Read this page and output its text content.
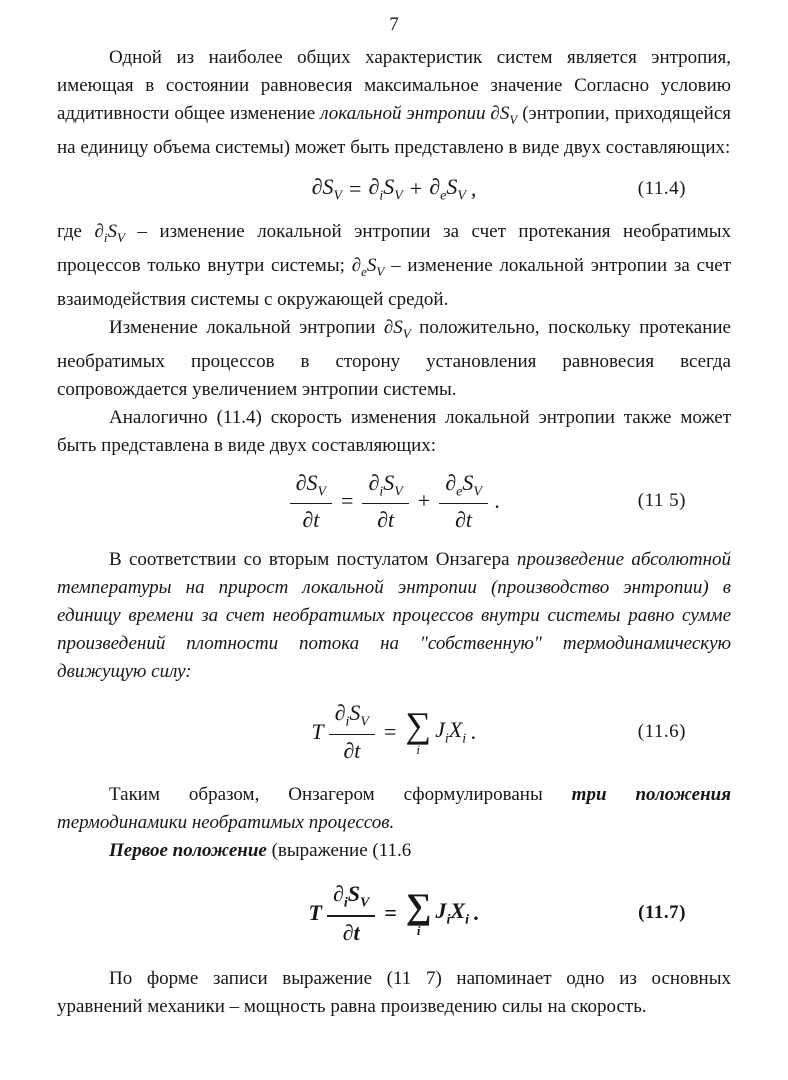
7

Одной из наиболее общих характеристик систем является энтропия, имеющая в состоянии равновесия максимальное значение Согласно условию аддитивности общее изменение локальной энтропии $\partial S_V$ (энтропии, приходящейся на единицу объема системы) может быть представлено в виде двух составляющих:

$\partial S_V = \partial_iS_V + \partial_eS_V$ ,	(11.4)

где $\partial_iS_V$ – изменение локальной энтропии за счет протекания необратимых процессов только внутри системы; $\partial_eS_V$ – изменение локальной энтропии за счет взаимодействия системы с окружающей средой.

Изменение локальной энтропии $\partial S_V$ положительно, поскольку протекание необратимых процессов в сторону установления равновесия всегда сопровождается увеличением энтропии системы.

Аналогично (11.4) скорость изменения локальной энтропии также может быть представлена в виде двух составляющих:

$\frac{\partial S_V}{\partial t} = \frac{\partial_iS_V}{\partial t} + \frac{\partial_eS_V}{\partial t}$ .	(11 5)

В соответствии со вторым постулатом Онзагера произведение абсолютной температуры на прирост локальной энтропии (производство энтропии) в единицу времени за счет необратимых процессов внутри системы равно сумме произведений плотности потока на "собственную" термодинамическую движущую силу:

T $\frac{\partial_iS_V}{\partial t}$ = ∑
i
$J_iX_i$ .	(11.6)

Таким образом, Онзагером сформулированы три положения термодинамики необратимых процессов.

Первое положение (выражение (11.6

T $\frac{\partial_iS_V}{\partial t}$ = ∑
i
$J_iX_i$ .	(11.7)

По форме записи выражение (11 7) напоминает одно из основных уравнений механики – мощность равна произведению силы на скорость.
